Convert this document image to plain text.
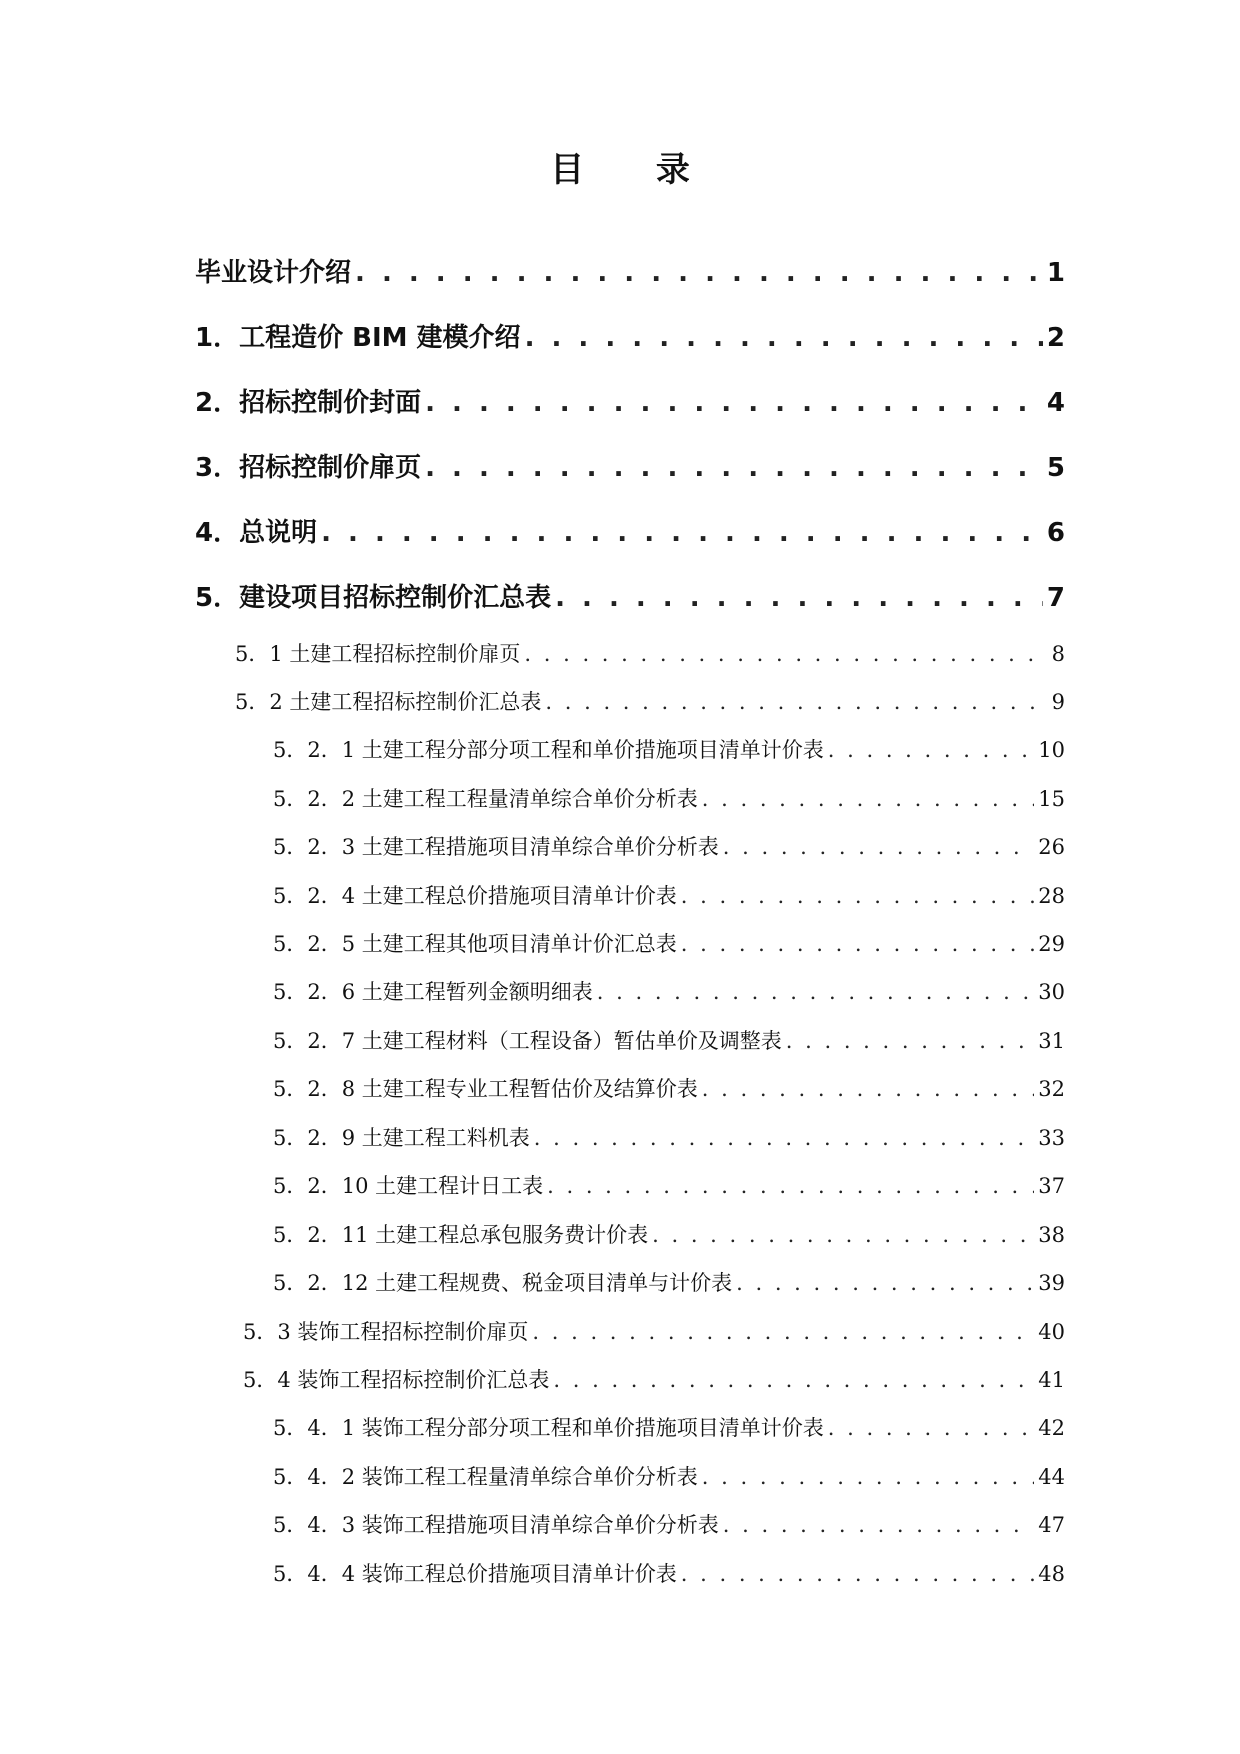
目 录
毕业设计介绍 . . .	1
1．工程造价 BIM 建模介绍 . . .	2
2．招标控制价封面 . . .	4
3．招标控制价扉页 . . .	5
4．总说明 . . .	6
5．建设项目招标控制价汇总表 . . .	7
5．1 土建工程招标控制价扉页 . . .	8
5．2 土建工程招标控制价汇总表 . . .	9
5．2．1 土建工程分部分项工程和单价措施项目清单计价表 . . .	10
5．2．2 土建工程工程量清单综合单价分析表 . . .	15
5．2．3 土建工程措施项目清单综合单价分析表 . . .	26
5．2．4 土建工程总价措施项目清单计价表 . . .	28
5．2．5 土建工程其他项目清单计价汇总表 . . .	29
5．2．6 土建工程暂列金额明细表 . . .	30
5．2．7 土建工程材料（工程设备）暂估单价及调整表 . . .	31
5．2．8 土建工程专业工程暂估价及结算价表 . . .	32
5．2．9 土建工程工料机表 . . .	33
5．2．10 土建工程计日工表 . . .	37
5．2．11 土建工程总承包服务费计价表 . . .	38
5．2．12 土建工程规费、税金项目清单与计价表 . . .	39
5．3 装饰工程招标控制价扉页 . . .	40
5．4 装饰工程招标控制价汇总表 . . .	41
5．4．1 装饰工程分部分项工程和单价措施项目清单计价表 . . .	42
5．4．2 装饰工程工程量清单综合单价分析表 . . .	44
5．4．3 装饰工程措施项目清单综合单价分析表 . . .	47
5．4．4 装饰工程总价措施项目清单计价表 . . .	48
